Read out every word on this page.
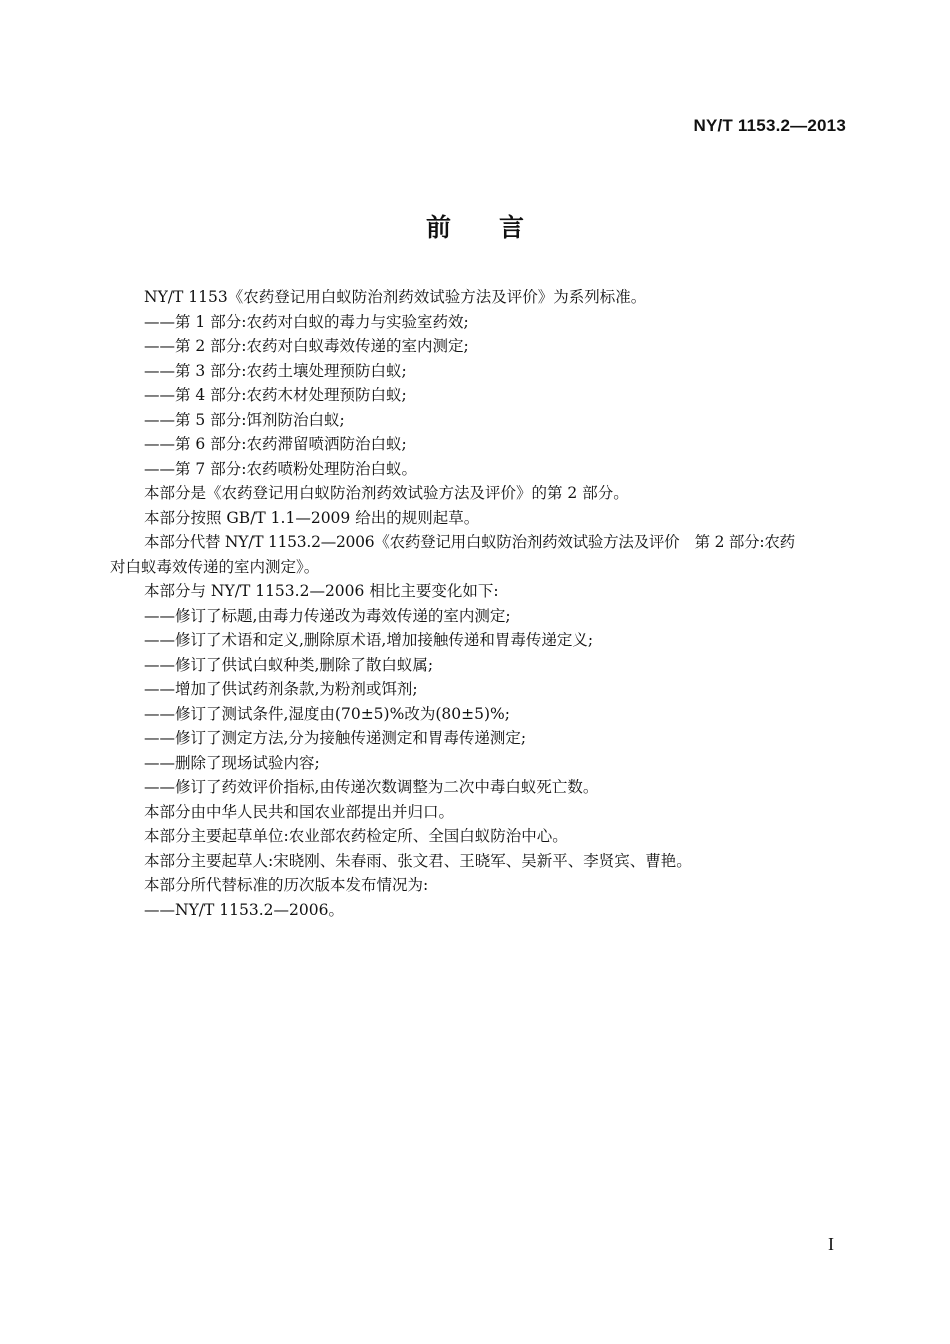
NY/T 1153.2—2013
前言
NY/T 1153《农药登记用白蚁防治剂药效试验方法及评价》为系列标准。
——第 1 部分:农药对白蚁的毒力与实验室药效;
——第 2 部分:农药对白蚁毒效传递的室内测定;
——第 3 部分:农药土壤处理预防白蚁;
——第 4 部分:农药木材处理预防白蚁;
——第 5 部分:饵剂防治白蚁;
——第 6 部分:农药滞留喷洒防治白蚁;
——第 7 部分:农药喷粉处理防治白蚁。
本部分是《农药登记用白蚁防治剂药效试验方法及评价》的第 2 部分。
本部分按照 GB/T 1.1—2009 给出的规则起草。
本部分代替 NY/T 1153.2—2006《农药登记用白蚁防治剂药效试验方法及评价　第 2 部分:农药
对白蚁毒效传递的室内测定》。
本部分与 NY/T 1153.2—2006 相比主要变化如下:
——修订了标题,由毒力传递改为毒效传递的室内测定;
——修订了术语和定义,删除原术语,增加接触传递和胃毒传递定义;
——修订了供试白蚁种类,删除了散白蚁属;
——增加了供试药剂条款,为粉剂或饵剂;
——修订了测试条件,湿度由(70±5)%改为(80±5)%;
——修订了测定方法,分为接触传递测定和胃毒传递测定;
——删除了现场试验内容;
——修订了药效评价指标,由传递次数调整为二次中毒白蚁死亡数。
本部分由中华人民共和国农业部提出并归口。
本部分主要起草单位:农业部农药检定所、全国白蚁防治中心。
本部分主要起草人:宋晓刚、朱春雨、张文君、王晓军、吴新平、李贤宾、曹艳。
本部分所代替标准的历次版本发布情况为:
——NY/T 1153.2—2006。
I
